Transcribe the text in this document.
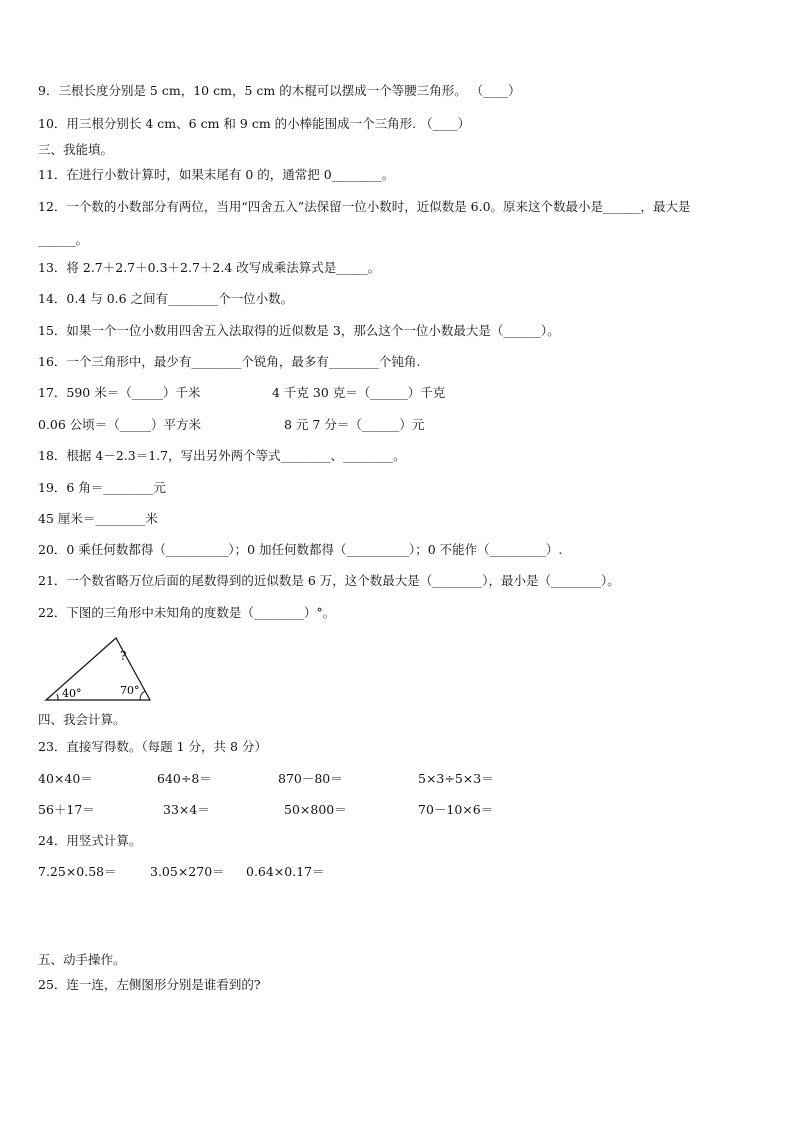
9．三根长度分别是 5 cm，10 cm，5 cm 的木棍可以摆成一个等腰三角形。 （____）
10．用三根分别长 4 cm、6 cm 和 9 cm 的小棒能围成一个三角形. （____）
三、我能填。
11．在进行小数计算时，如果末尾有 0 的，通常把 0________。
12．一个数的小数部分有两位，当用“四舍五入”法保留一位小数时，近似数是 6.0。原来这个数最小是______，最大是
______。
13．将 2.7＋2.7＋0.3＋2.7＋2.4 改写成乘法算式是_____。
14．0.4 与 0.6 之间有________个一位小数。
15．如果一个一位小数用四舍五入法取得的近似数是 3，那么这个一位小数最大是（______）。
16．一个三角形中，最少有________个锐角，最多有________个钝角.
17．590 米＝（_____）千米	4 千克 30 克＝（______）千克
0.06 公顷＝（_____）平方米	8 元 7 分＝（______）元
18．根据 4－2.3＝1.7，写出另外两个等式________、________。
19．6 角＝________元
45 厘米＝________米
20．0 乘任何数都得（__________）；0 加任何数都得（__________）；0 不能作（_________）.
21．一个数省略万位后面的尾数得到的近似数是 6 万，这个数最大是（________），最小是（________）。
22．下图的三角形中未知角的度数是（________）°。
?
40°	70°
四、我会计算。
23．直接写得数。（每题 1 分，共 8 分）
40×40＝	640÷8＝	870－80＝	5×3÷5×3＝
56＋17＝	33×4＝	50×800＝	70－10×6＝
24．用竖式计算。
7.25×0.58＝	3.05×270＝ 0.64×0.17＝
五、动手操作。
25．连一连，左侧图形分别是谁看到的?
